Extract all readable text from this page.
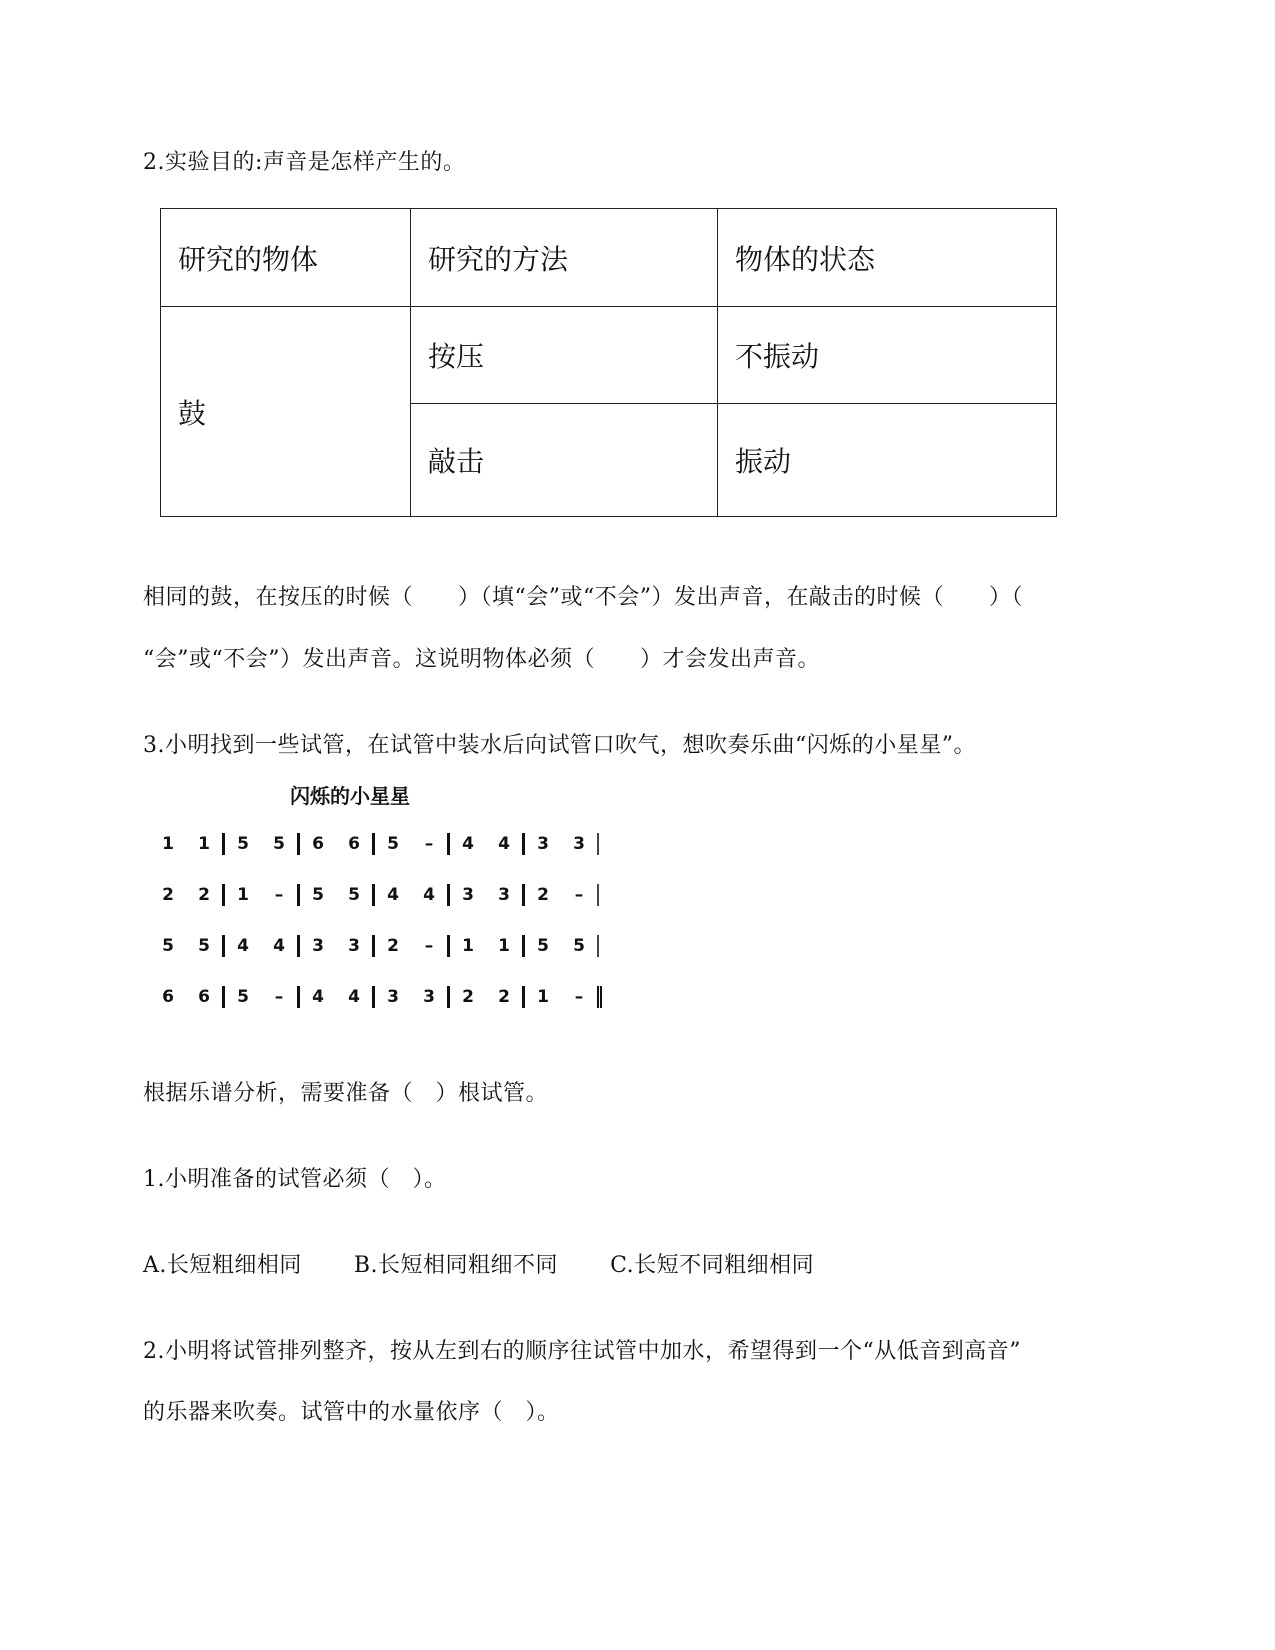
2.实验目的:声音是怎样产生的。
研究的物体	研究的方法	物体的状态
鼓	按压	不振动
	敲击	振动
相同的鼓，在按压的时候（　　）（填“会”或“不会”）发出声音，在敲击的时候（　　）（
“会”或“不会”）发出声音。这说明物体必须（　　）才会发出声音。
3.小明找到一些试管，在试管中装水后向试管口吹气，想吹奏乐曲“闪烁的小星星”。
闪烁的小星星
1	1	5	5	6	6	5	–	4	4	3	3
2	2	1	–	5	5	4	4	3	3	2	–
5	5	4	4	3	3	2	–	1	1	5	5
6	6	5	–	4	4	3	3	2	2	1	–
根据乐谱分析，需要准备（　）根试管。
1.小明准备的试管必须（　）。
A.长短粗细相同 B.长短相同粗细不同 C.长短不同粗细相同
2.小明将试管排列整齐，按从左到右的顺序往试管中加水，希望得到一个“从低音到高音”
的乐器来吹奏。试管中的水量依序（　）。
